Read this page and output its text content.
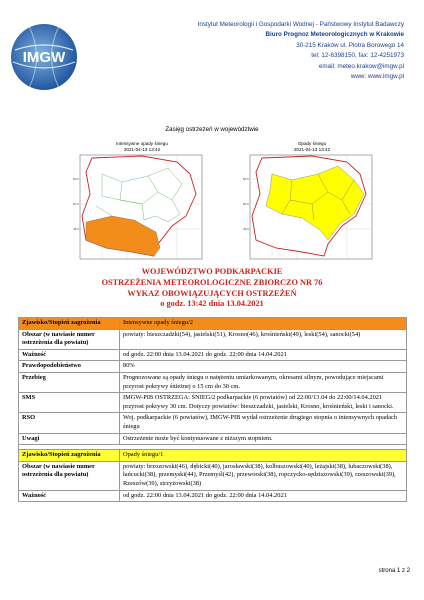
IMGW
Instytut Meteorologii i Gospodarki Wodnej - Państwowy Instytut Badawczy
Biuro Prognoz Meteorologicznych w Krakowie
30-215 Kraków ul. Piotra Borowego 14
tel: 12-6398150, fax: 12-4251973
email: meteo.krakow@imgw.pl
www: www.imgw.pl
Zasięg ostrzeżeń w województwie
Intensywne opady śniegu
2021-04-13 13:42
50.5
50.0
49.5
Opady śniegu
2021-04-13 13:42
50.5
50.0
49.5
WOJEWÓDZTWO PODKARPACKIE
OSTRZEŻENIA METEOROLOGICZNE ZBIORCZO NR 76
WYKAZ OBOWIĄZUJĄCYCH OSTRZEŻEŃ
o godz. 13:42 dnia 13.04.2021
Zjawisko/Stopień zagrożenia	Intensywne opady śniegu/2
Obszar (w nawiasie numer ostrzeżenia dla powiatu)	powiaty: bieszczadzki(54), jasielski(51), Krosno(46), krośnieński(49), leski(54), sanocki(54)
Ważność	od godz. 22:00 dnia 13.04.2021 do godz. 22:00 dnia 14.04.2021
Prawdopodobieństwo	80%
Przebieg	Prognozowane są opady śniegu o natężeniu umiarkowanym, okresami silnym, powodujące miejscami przyrost pokrywy śnieżnej o 15 cm do 30 cm.
SMS	IMGW-PIB OSTRZEGA: ŚNIEG/2 podkarpackie (6 powiatów) od 22:00/13.04 do 22:00/14.04.2021 przyrost pokrywy 30 cm. Dotyczy powiatów: bieszczadzki, jasielski, Krosno, krośnieński, leski i sanocki.
RSO	Woj. podkarpackie (6 powiatów), IMGW-PIB wydał ostrzeżenie drugiego stopnia o intensywnych opadach śniegu
Uwagi	Ostrzeżenie może być kontynuowane z niższym stopniem.

Zjawisko/Stopień zagrożenia	Opady śniegu/1
Obszar (w nawiasie numer ostrzeżenia dla powiatu)	powiaty: brzozowski(46), dębicki(40), jarosławski(38), kolbuszowski(40), leżajski(38), lubaczowski(38), łańcucki(38), przemyski(44), Przemyśl(42), przeworski(38), ropczycko-sędziszowski(39), rzeszowski(39), Rzeszów(39), strzyżowski(38)
Ważność	od godz. 22:00 dnia 13.04.2021 do godz. 22:00 dnia 14.04.2021
strona 1 z 2
